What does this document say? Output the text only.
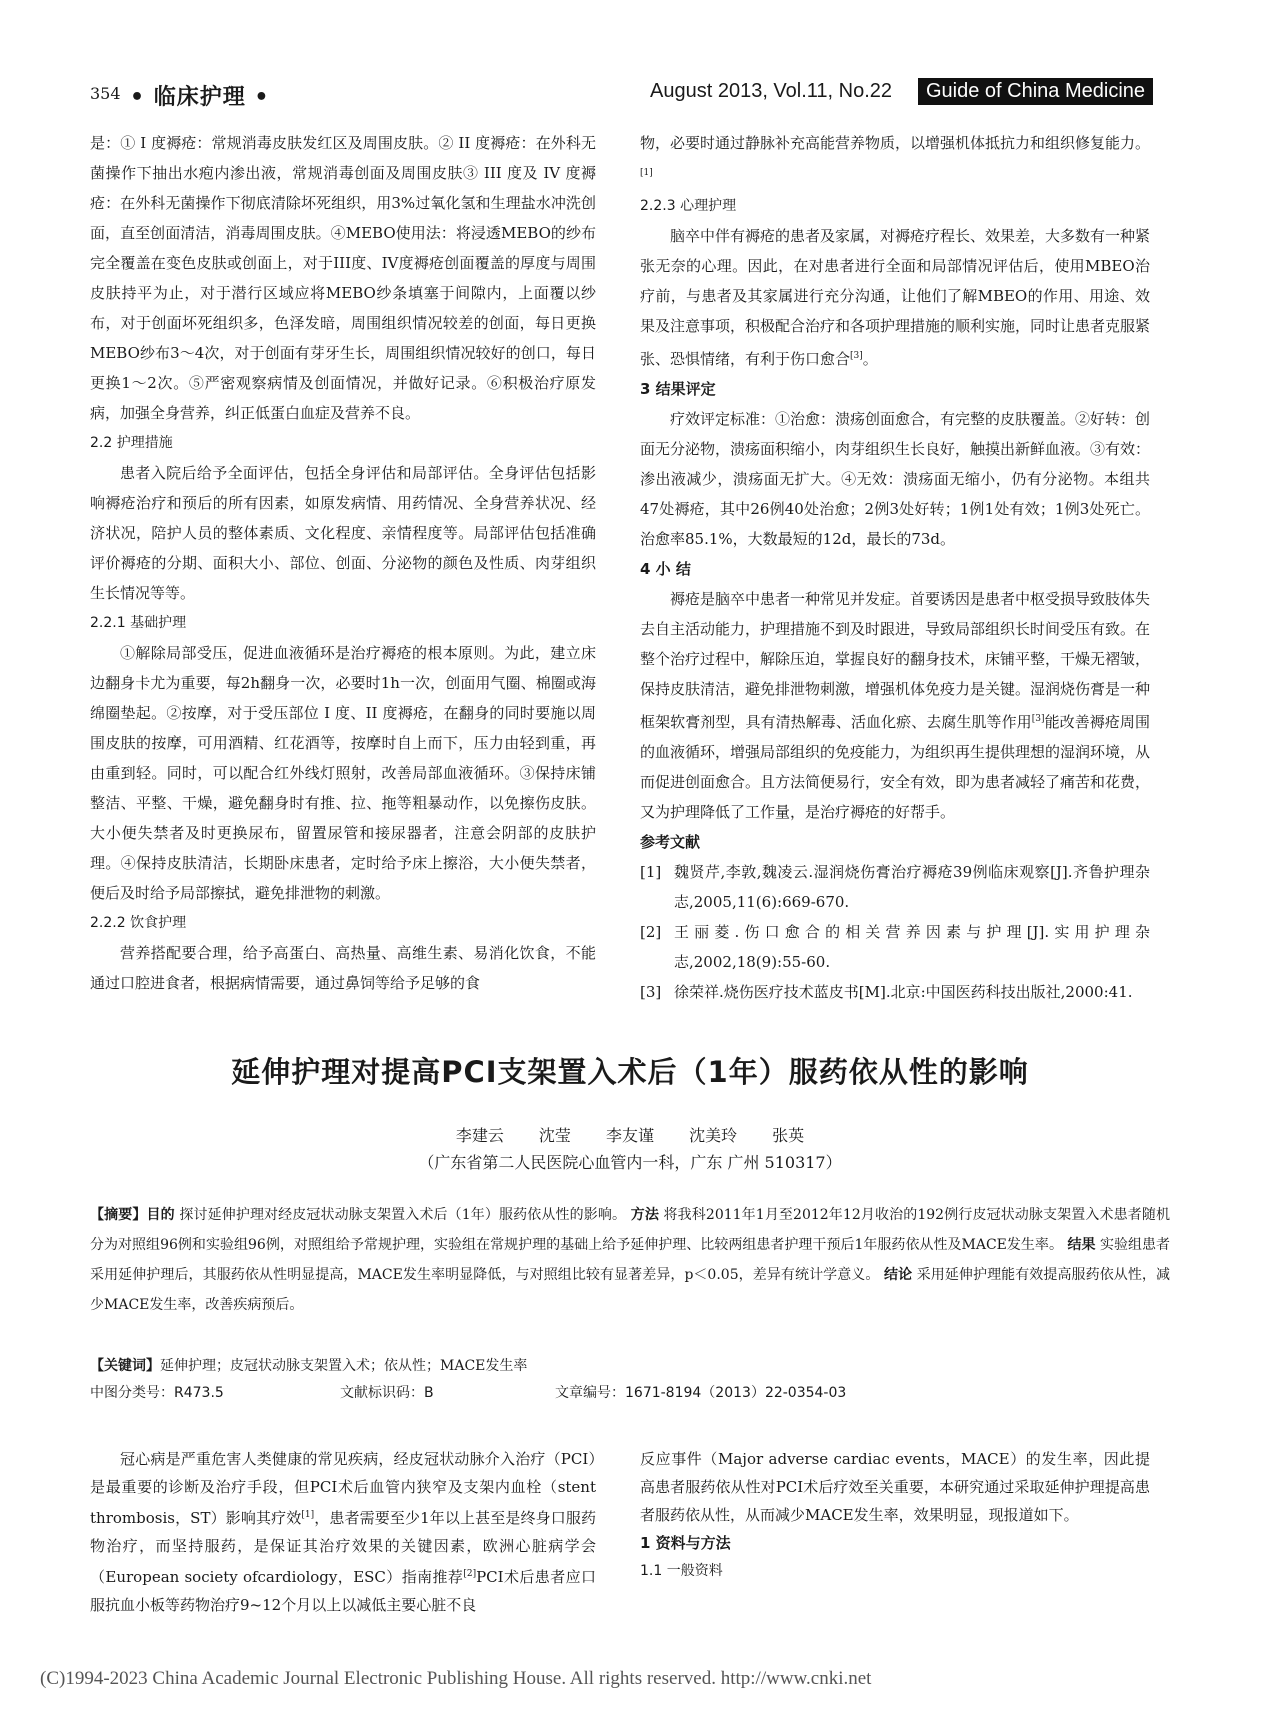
354 • 临床护理 •	August 2013, Vol.11, No.22	Guide of China Medicine

是：① I 度褥疮：常规消毒皮肤发红区及周围皮肤。② II 度褥疮：在外科无菌操作下抽出水疱内渗出液，常规消毒创面及周围皮肤③ III 度及 IV 度褥疮：在外科无菌操作下彻底清除坏死组织，用3%过氧化氢和生理盐水冲洗创面，直至创面清洁，消毒周围皮肤。④MEBO使用法：将浸透MEBO的纱布完全覆盖在变色皮肤或创面上，对于III度、IV度褥疮创面覆盖的厚度与周围皮肤持平为止，对于潜行区域应将MEBO纱条填塞于间隙内，上面覆以纱布，对于创面坏死组织多，色泽发暗，周围组织情况较差的创面，每日更换MEBO纱布3～4次，对于创面有芽牙生长，周围组织情况较好的创口，每日更换1～2次。⑤严密观察病情及创面情况，并做好记录。⑥积极治疗原发病，加强全身营养，纠正低蛋白血症及营养不良。

2.2 护理措施

患者入院后给予全面评估，包括全身评估和局部评估。全身评估包括影响褥疮治疗和预后的所有因素，如原发病情、用药情况、全身营养状况、经济状况，陪护人员的整体素质、文化程度、亲情程度等。局部评估包括准确评价褥疮的分期、面积大小、部位、创面、分泌物的颜色及性质、肉芽组织生长情况等等。

2.2.1 基础护理

①解除局部受压，促进血液循环是治疗褥疮的根本原则。为此，建立床边翻身卡尤为重要，每2h翻身一次，必要时1h一次，创面用气圈、棉圈或海绵圈垫起。②按摩，对于受压部位 I 度、II 度褥疮，在翻身的同时要施以周围皮肤的按摩，可用酒精、红花酒等，按摩时自上而下，压力由轻到重，再由重到轻。同时，可以配合红外线灯照射，改善局部血液循环。③保持床铺整洁、平整、干燥，避免翻身时有推、拉、拖等粗暴动作，以免擦伤皮肤。大小便失禁者及时更换尿布，留置尿管和接尿器者，注意会阴部的皮肤护理。④保持皮肤清洁，长期卧床患者，定时给予床上擦浴，大小便失禁者，便后及时给予局部擦拭，避免排泄物的刺激。

2.2.2 饮食护理

营养搭配要合理，给予高蛋白、高热量、高维生素、易消化饮食，不能通过口腔进食者，根据病情需要，通过鼻饲等给予足够的食

物，必要时通过静脉补充高能营养物质，以增强机体抵抗力和组织修复能力。[1]

2.2.3 心理护理

脑卒中伴有褥疮的患者及家属，对褥疮疗程长、效果差，大多数有一种紧张无奈的心理。因此，在对患者进行全面和局部情况评估后，使用MBEO治疗前，与患者及其家属进行充分沟通，让他们了解MBEO的作用、用途、效果及注意事项，积极配合治疗和各项护理措施的顺利实施，同时让患者克服紧张、恐惧情绪，有利于伤口愈合[3]。

3 结果评定

疗效评定标准：①治愈：溃疡创面愈合，有完整的皮肤覆盖。②好转：创面无分泌物，溃疡面积缩小，肉芽组织生长良好，触摸出新鲜血液。③有效：渗出液减少，溃疡面无扩大。④无效：溃疡面无缩小，仍有分泌物。本组共47处褥疮，其中26例40处治愈；2例3处好转；1例1处有效；1例3处死亡。治愈率85.1%，大数最短的12d，最长的73d。

4 小 结

褥疮是脑卒中患者一种常见并发症。首要诱因是患者中枢受损导致肢体失去自主活动能力，护理措施不到及时跟进，导致局部组织长时间受压有致。在整个治疗过程中，解除压迫，掌握良好的翻身技术，床铺平整，干燥无褶皱，保持皮肤清洁，避免排泄物刺激，增强机体免疫力是关键。湿润烧伤膏是一种框架软膏剂型，具有清热解毒、活血化瘀、去腐生肌等作用[3]能改善褥疮周围的血液循环，增强局部组织的免疫能力，为组织再生提供理想的湿润环境，从而促进创面愈合。且方法简便易行，安全有效，即为患者减轻了痛苦和花费，又为护理降低了工作量，是治疗褥疮的好帮手。

参考文献
[1] 魏贤芹,李敦,魏凌云.湿润烧伤膏治疗褥疮39例临床观察[J].齐鲁护理杂志,2005,11(6):669-670.
[2] 王丽菱.伤口愈合的相关营养因素与护理[J].实用护理杂志,2002,18(9):55-60.
[3] 徐荣祥.烧伤医疗技术蓝皮书[M].北京:中国医药科技出版社,2000:41.
延伸护理对提高PCI支架置入术后（1年）服药依从性的影响
李建云 沈莹 李友谨 沈美玲 张英
（广东省第二人民医院心血管内一科，广东 广州 510317）
【摘要】目的 探讨延伸护理对经皮冠状动脉支架置入术后（1年）服药依从性的影响。 方法 将我科2011年1月至2012年12月收治的192例行皮冠状动脉支架置入术患者随机分为对照组96例和实验组96例，对照组给予常规护理，实验组在常规护理的基础上给予延伸护理、比较两组患者护理干预后1年服药依从性及MACE发生率。 结果 实验组患者采用延伸护理后，其服药依从性明显提高，MACE发生率明显降低，与对照组比较有显著差异，p＜0.05，差异有统计学意义。 结论 采用延伸护理能有效提高服药依从性，减少MACE发生率，改善疾病预后。
【关键词】延伸护理；皮冠状动脉支架置入术；依从性；MACE发生率
中图分类号：R473.5	文献标识码：B	文章编号：1671-8194（2013）22-0354-03

冠心病是严重危害人类健康的常见疾病，经皮冠状动脉介入治疗（PCI）是最重要的诊断及治疗手段，但PCI术后血管内狭窄及支架内血栓（stent thrombosis，ST）影响其疗效[1]，患者需要至少1年以上甚至是终身口服药物治疗，而坚持服药，是保证其治疗效果的关键因素，欧洲心脏病学会（European society ofcardiology，ESC）指南推荐[2]PCI术后患者应口服抗血小板等药物治疗9~12个月以上以减低主要心脏不良

反应事件（Major adverse cardiac events，MACE）的发生率，因此提高患者服药依从性对PCI术后疗效至关重要，本研究通过采取延伸护理提高患者服药依从性，从而减少MACE发生率，效果明显，现报道如下。

1 资料与方法
1.1 一般资料
(C)1994-2023 China Academic Journal Electronic Publishing House. All rights reserved. http://www.cnki.net
